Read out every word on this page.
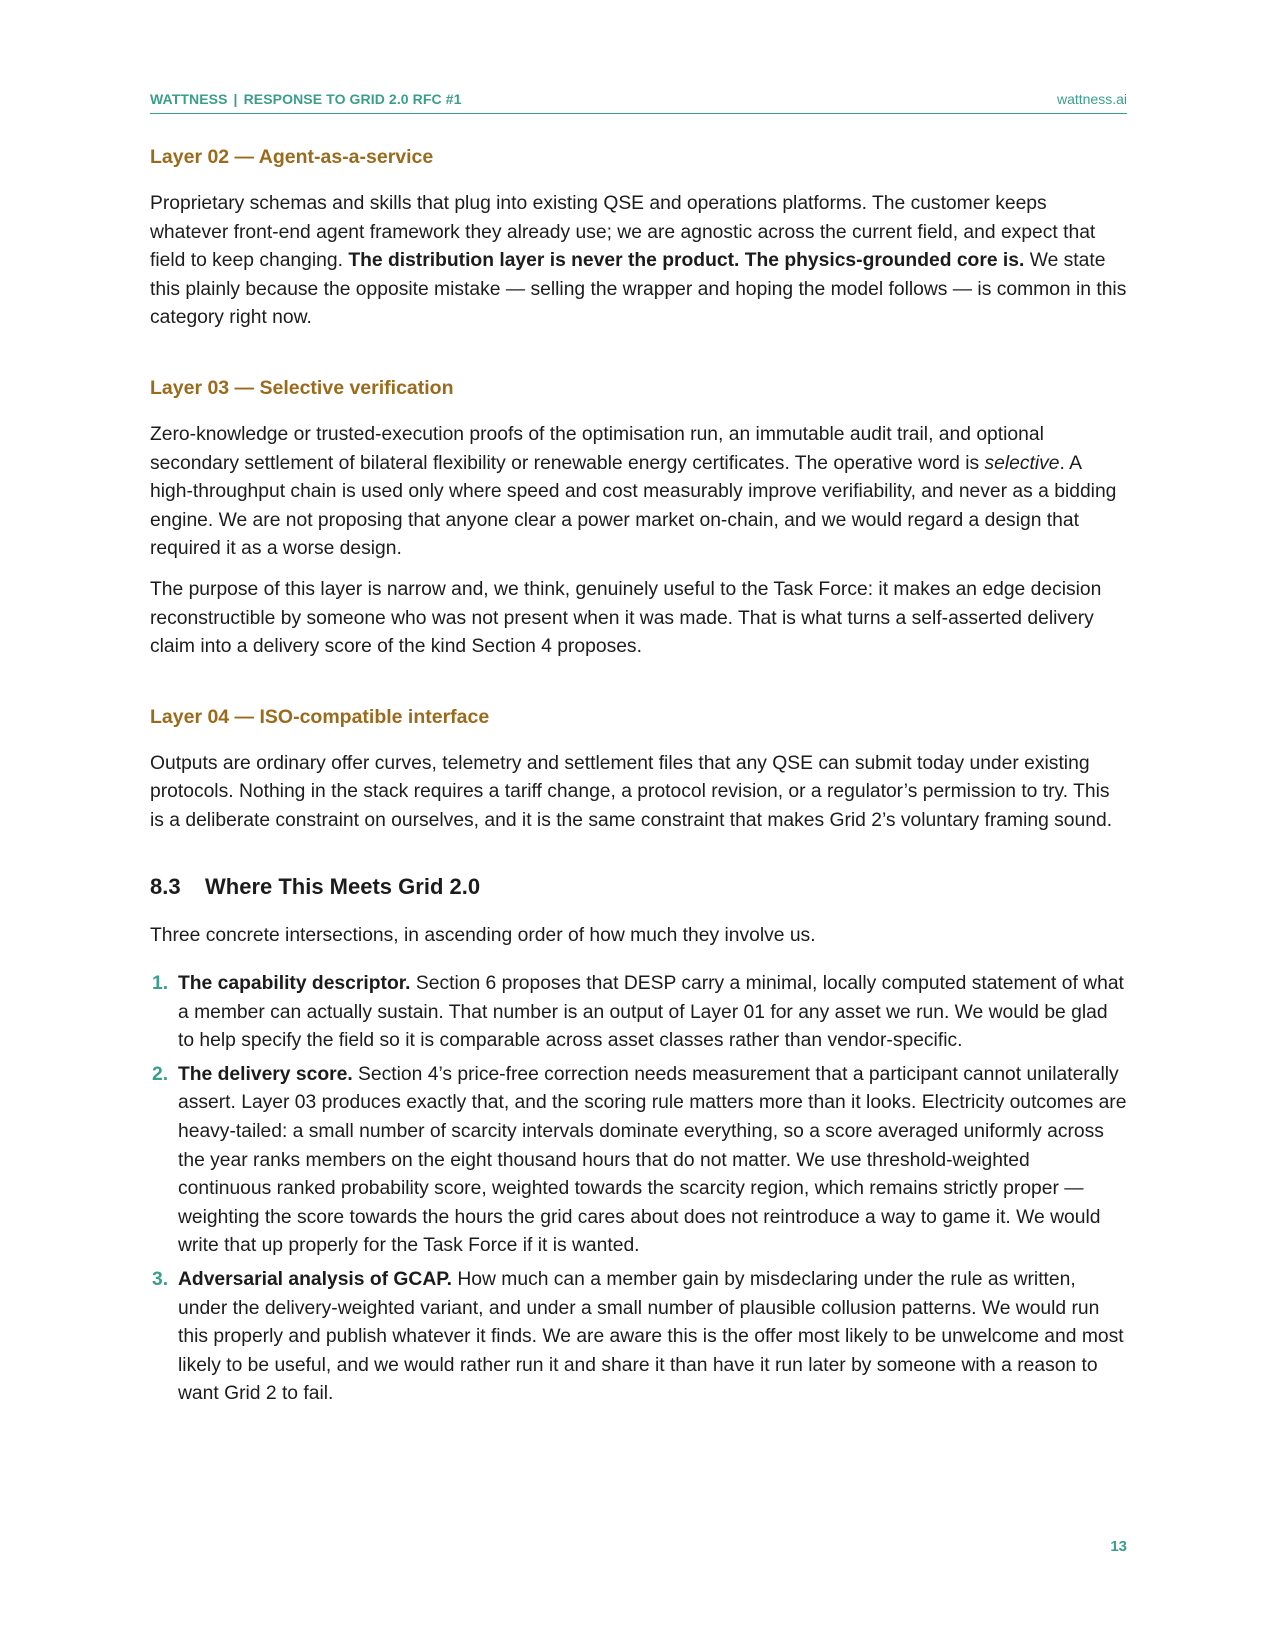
WATTNESS | RESPONSE TO GRID 2.0 RFC #1	wattness.ai
Layer 02 — Agent-as-a-service

Proprietary schemas and skills that plug into existing QSE and operations platforms. The customer keeps whatever front-end agent framework they already use; we are agnostic across the current field, and expect that field to keep changing. The distribution layer is never the product. The physics-grounded core is. We state this plainly because the opposite mistake — selling the wrapper and hoping the model follows — is common in this category right now.

Layer 03 — Selective verification

Zero-knowledge or trusted-execution proofs of the optimisation run, an immutable audit trail, and optional secondary settlement of bilateral flexibility or renewable energy certificates. The operative word is selective. A high-throughput chain is used only where speed and cost measurably improve verifiability, and never as a bidding engine. We are not proposing that anyone clear a power market on-chain, and we would regard a design that required it as a worse design.

The purpose of this layer is narrow and, we think, genuinely useful to the Task Force: it makes an edge decision reconstructible by someone who was not present when it was made. That is what turns a self-asserted delivery claim into a delivery score of the kind Section 4 proposes.

Layer 04 — ISO-compatible interface

Outputs are ordinary offer curves, telemetry and settlement files that any QSE can submit today under existing protocols. Nothing in the stack requires a tariff change, a protocol revision, or a regulator’s permission to try. This is a deliberate constraint on ourselves, and it is the same constraint that makes Grid 2’s voluntary framing sound.

8.3 Where This Meets Grid 2.0

Three concrete intersections, in ascending order of how much they involve us.

1. The capability descriptor. Section 6 proposes that DESP carry a minimal, locally computed statement of what a member can actually sustain. That number is an output of Layer 01 for any asset we run. We would be glad to help specify the field so it is comparable across asset classes rather than vendor-specific.
2. The delivery score. Section 4’s price-free correction needs measurement that a participant cannot unilaterally assert. Layer 03 produces exactly that, and the scoring rule matters more than it looks. Electricity outcomes are heavy-tailed: a small number of scarcity intervals dominate everything, so a score averaged uniformly across the year ranks members on the eight thousand hours that do not matter. We use threshold-weighted continuous ranked probability score, weighted towards the scarcity region, which remains strictly proper — weighting the score towards the hours the grid cares about does not reintroduce a way to game it. We would write that up properly for the Task Force if it is wanted.
3. Adversarial analysis of GCAP. How much can a member gain by misdeclaring under the rule as written, under the delivery-weighted variant, and under a small number of plausible collusion patterns. We would run this properly and publish whatever it finds. We are aware this is the offer most likely to be unwelcome and most likely to be useful, and we would rather run it and share it than have it run later by someone with a reason to want Grid 2 to fail.
13
